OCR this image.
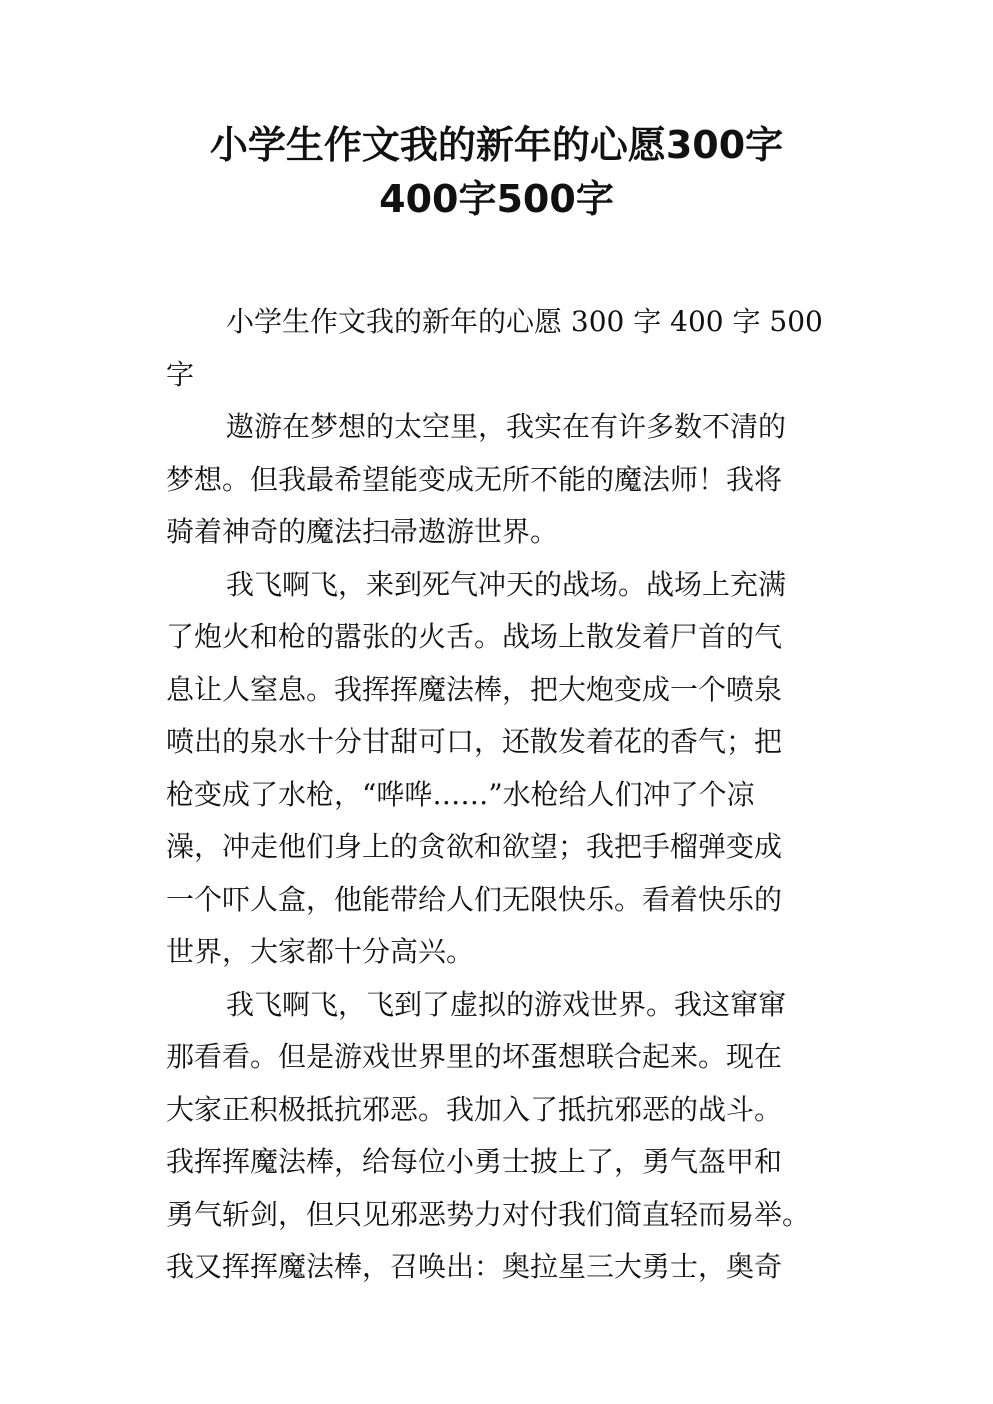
小学生作文我的新年的心愿300字
400字500字
小学生作文我的新年的心愿 300 字 400 字 500
字
遨游在梦想的太空里，我实在有许多数不清的
梦想。但我最希望能变成无所不能的魔法师！我将
骑着神奇的魔法扫帚遨游世界。
我飞啊飞，来到死气冲天的战场。战场上充满
了炮火和枪的嚣张的火舌。战场上散发着尸首的气
息让人窒息。我挥挥魔法棒，把大炮变成一个喷泉
喷出的泉水十分甘甜可口，还散发着花的香气；把
枪变成了水枪，“哗哗……”水枪给人们冲了个凉
澡，冲走他们身上的贪欲和欲望；我把手榴弹变成
一个吓人盒，他能带给人们无限快乐。看着快乐的
世界，大家都十分高兴。
我飞啊飞，飞到了虚拟的游戏世界。我这窜窜
那看看。但是游戏世界里的坏蛋想联合起来。现在
大家正积极抵抗邪恶。我加入了抵抗邪恶的战斗。
我挥挥魔法棒，给每位小勇士披上了，勇气盔甲和
勇气斩剑，但只见邪恶势力对付我们简直轻而易举。
我又挥挥魔法棒，召唤出：奥拉星三大勇士，奥奇
